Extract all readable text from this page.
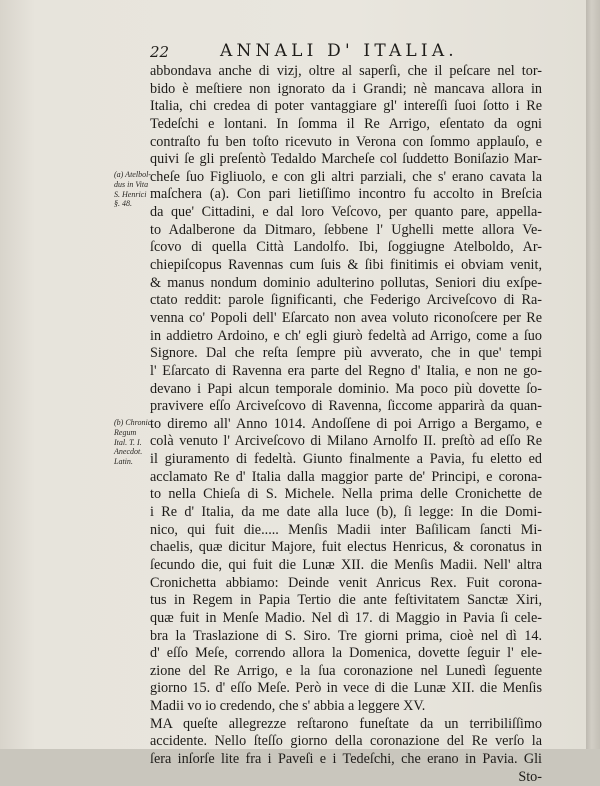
22	ANNALI D' ITALIA.
(a) Atelbol-
dus in Vita
S. Henrici
§. 48.
(b) Chronic.
Regum
Ital. T. I.
Anecdot.
Latin.
abbondava anche di vizj, oltre al saperſi, che il peſcare nel tor-
bido è meſtiere non ignorato da i Grandi; nè mancava allora in
Italia, chi credea di poter vantaggiare gl' intereſſi ſuoi ſotto i Re
Tedeſchi e lontani. In ſomma il Re Arrigo, eſentato da ogni
contraſto fu ben toſto ricevuto in Verona con ſommo applauſo, e
quivi ſe gli preſentò Tedaldo Marcheſe col ſuddetto Boniſazio Mar-
cheſe ſuo Figliuolo, e con gli altri parziali, che s' erano cavata la
maſchera (a). Con pari lietiſſimo incontro fu accolto in Breſcia
da que' Cittadini, e dal loro Veſcovo, per quanto pare, appella-
to Adalberone da Ditmaro, ſebbene l' Ughelli mette allora Ve-
ſcovo di quella Città Landolfo. Ibi, ſoggiugne Atelboldo, Ar-
chiepiſcopus Ravennas cum ſuis & ſibi finitimis ei obviam venit,
& manus nondum dominio adulterino pollutas, Seniori diu exſpe-
ctato reddit: parole ſignificanti, che Federigo Arciveſcovo di Ra-
venna co' Popoli dell' Eſarcato non avea voluto riconoſcere per Re
in addietro Ardoino, e ch' egli giurò fedeltà ad Arrigo, come a ſuo
Signore. Dal che reſta ſempre più avverato, che in que' tempi
l' Eſarcato di Ravenna era parte del Regno d' Italia, e non ne go-
devano i Papi alcun temporale dominio. Ma poco più dovette ſo-
pravivere eſſo Arciveſcovo di Ravenna, ſiccome apparirà da quan-
to diremo all' Anno 1014. Andoſſene di poi Arrigo a Bergamo, e
colà venuto l' Arciveſcovo di Milano Arnolfo II. preſtò ad eſſo Re
il giuramento di fedeltà. Giunto finalmente a Pavia, fu eletto ed
acclamato Re d' Italia dalla maggior parte de' Principi, e corona-
to nella Chieſa di S. Michele. Nella prima delle Cronichette de
i Re d' Italia, da me date alla luce (b), ſi legge: In die Domi-
nico, qui fuit die..... Menſis Madii inter Baſilicam ſancti Mi-
chaelis, quæ dicitur Majore, fuit electus Henricus, & coronatus in
ſecundo die, qui fuit die Lunæ XII. die Menſis Madii. Nell' altra
Cronichetta abbiamo: Deinde venit Anricus Rex. Fuit corona-
tus in Regem in Papia Tertio die ante feſtivitatem Sanctæ Xiri,
quæ fuit in Menſe Madio. Nel dì 17. di Maggio in Pavia ſi cele-
bra la Traslazione di S. Siro. Tre giorni prima, cioè nel dì 14.
d' eſſo Meſe, correndo allora la Domenica, dovette ſeguir l' ele-
zione del Re Arrigo, e la ſua coronazione nel Lunedì ſeguente
giorno 15. d' eſſo Meſe. Però in vece di die Lunæ XII. die Menſis
Madii vo io credendo, che s' abbia a leggere XV.
MA queſte allegrezze reſtarono funeſtate da un terribiliſſimo
accidente. Nello ſteſſo giorno della coronazione del Re verſo la
ſera inſorſe lite fra i Paveſi e i Tedeſchi, che erano in Pavia. Gli
Sto-
